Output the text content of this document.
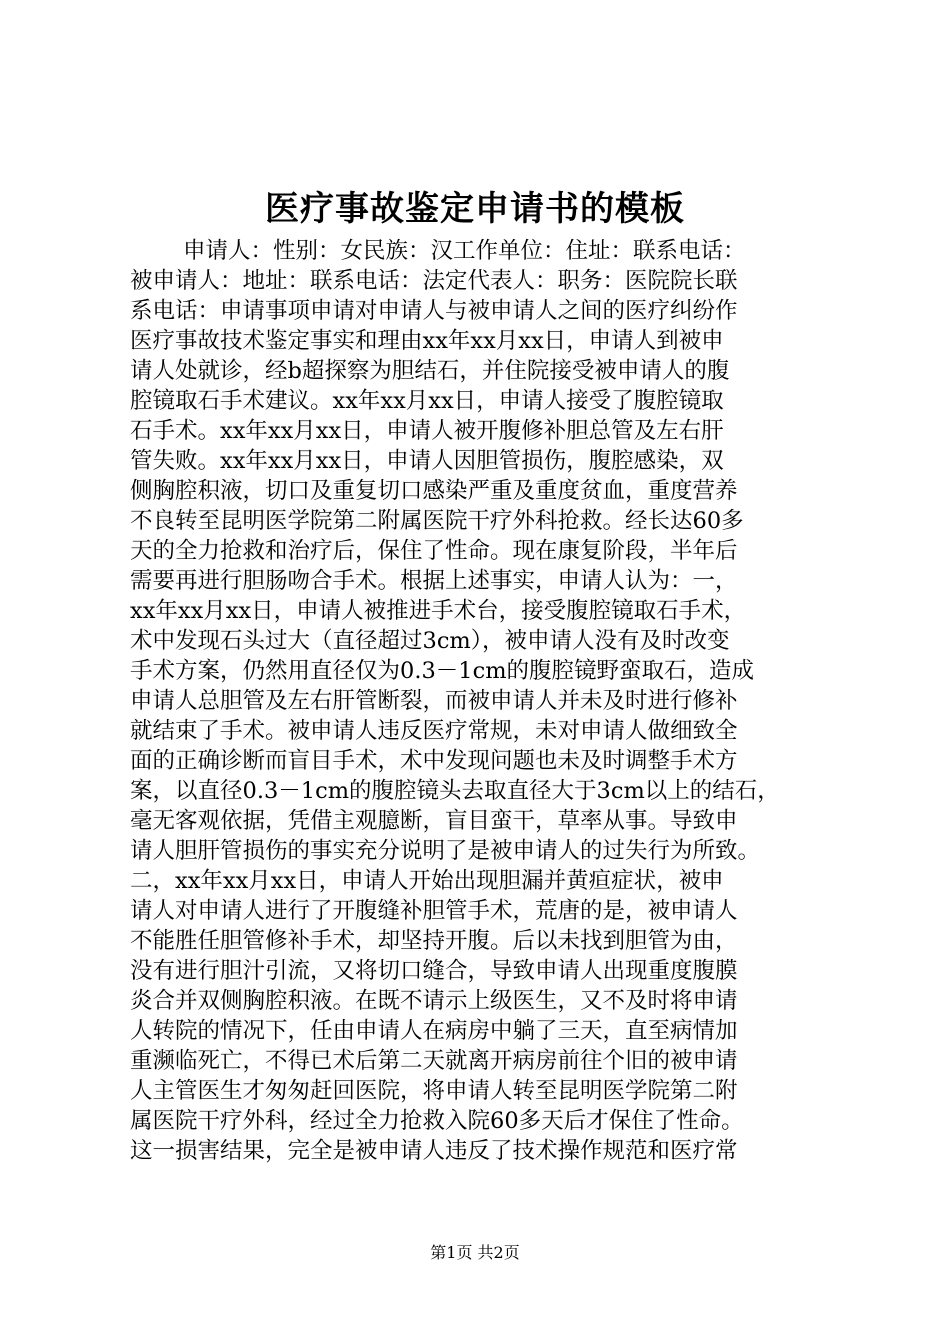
医疗事故鉴定申请书的模板
申请人：性别：女民族：汉工作单位：住址：联系电话：
被申请人：地址：联系电话：法定代表人：职务：医院院长联
系电话：申请事项申请对申请人与被申请人之间的医疗纠纷作
医疗事故技术鉴定事实和理由xx年xx月xx日，申请人到被申
请人处就诊，经b超探察为胆结石，并住院接受被申请人的腹
腔镜取石手术建议。xx年xx月xx日，申请人接受了腹腔镜取
石手术。xx年xx月xx日，申请人被开腹修补胆总管及左右肝
管失败。xx年xx月xx日，申请人因胆管损伤，腹腔感染，双
侧胸腔积液，切口及重复切口感染严重及重度贫血，重度营养
不良转至昆明医学院第二附属医院干疗外科抢救。经长达60多
天的全力抢救和治疗后，保住了性命。现在康复阶段，半年后
需要再进行胆肠吻合手术。根据上述事实，申请人认为：一，
xx年xx月xx日，申请人被推进手术台，接受腹腔镜取石手术，
术中发现石头过大（直径超过3cm），被申请人没有及时改变
手术方案，仍然用直径仅为0.3－1cm的腹腔镜野蛮取石，造成
申请人总胆管及左右肝管断裂，而被申请人并未及时进行修补
就结束了手术。被申请人违反医疗常规，未对申请人做细致全
面的正确诊断而盲目手术，术中发现问题也未及时调整手术方
案，以直径0.3－1cm的腹腔镜头去取直径大于3cm以上的结石，
毫无客观依据，凭借主观臆断，盲目蛮干，草率从事。导致申
请人胆肝管损伤的事实充分说明了是被申请人的过失行为所致。
二，xx年xx月xx日，申请人开始出现胆漏并黄疸症状，被申
请人对申请人进行了开腹缝补胆管手术，荒唐的是，被申请人
不能胜任胆管修补手术，却坚持开腹。后以未找到胆管为由，
没有进行胆汁引流，又将切口缝合，导致申请人出现重度腹膜
炎合并双侧胸腔积液。在既不请示上级医生，又不及时将申请
人转院的情况下，任由申请人在病房中躺了三天，直至病情加
重濒临死亡，不得已术后第二天就离开病房前往个旧的被申请
人主管医生才匆匆赶回医院，将申请人转至昆明医学院第二附
属医院干疗外科，经过全力抢救入院60多天后才保住了性命。
这一损害结果，完全是被申请人违反了技术操作规范和医疗常
第1页 共2页
